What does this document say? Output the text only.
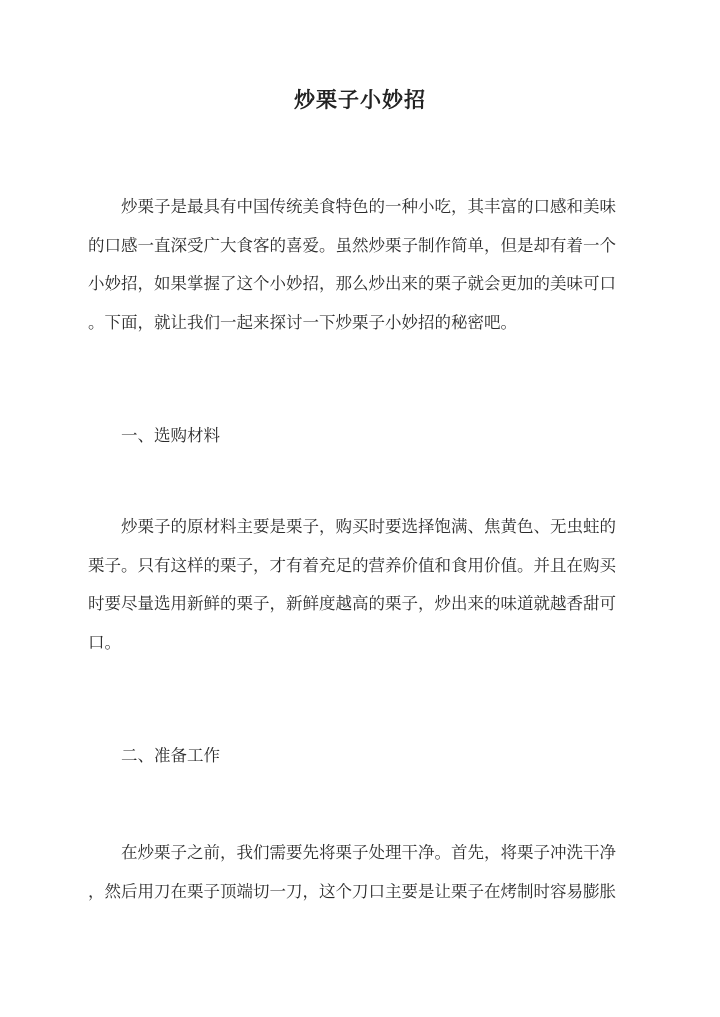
炒栗子小妙招
炒栗子是最具有中国传统美食特色的一种小吃，其丰富的口感和美味
的口感一直深受广大食客的喜爱。虽然炒栗子制作简单，但是却有着一个
小妙招，如果掌握了这个小妙招，那么炒出来的栗子就会更加的美味可口
。下面，就让我们一起来探讨一下炒栗子小妙招的秘密吧。
一、选购材料
炒栗子的原材料主要是栗子，购买时要选择饱满、焦黄色、无虫蛀的
栗子。只有这样的栗子，才有着充足的营养价值和食用价值。并且在购买
时要尽量选用新鲜的栗子，新鲜度越高的栗子，炒出来的味道就越香甜可
口。
二、准备工作
在炒栗子之前，我们需要先将栗子处理干净。首先，将栗子冲洗干净
，然后用刀在栗子顶端切一刀，这个刀口主要是让栗子在烤制时容易膨胀
